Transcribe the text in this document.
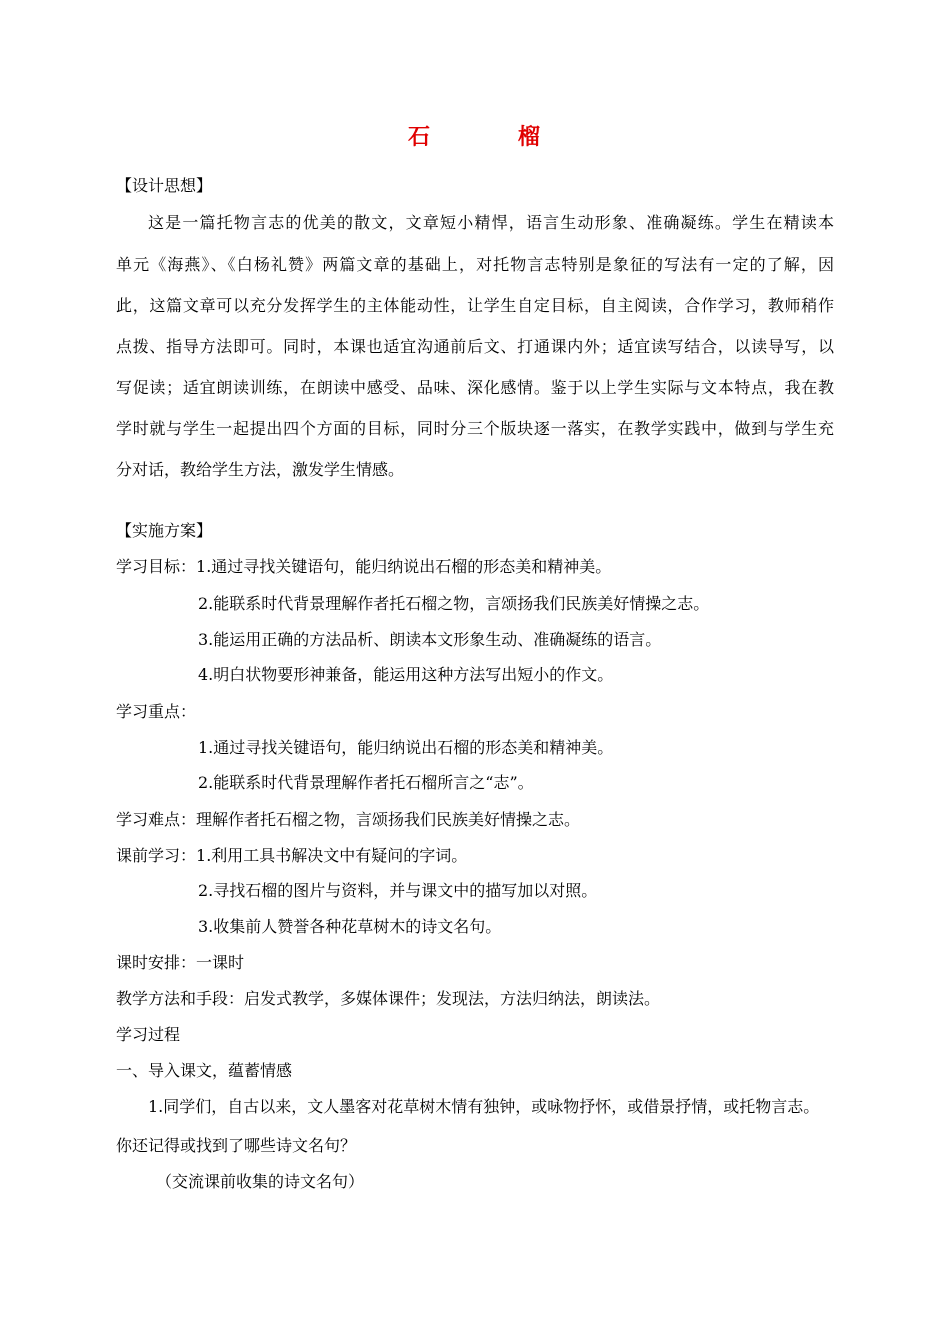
石	榴
【设计思想】
这是一篇托物言志的优美的散文，文章短小精悍，语言生动形象、准确凝练。学生在精读本
单元《海燕》、《白杨礼赞》两篇文章的基础上，对托物言志特别是象征的写法有一定的了解，因
此，这篇文章可以充分发挥学生的主体能动性，让学生自定目标，自主阅读，合作学习，教师稍作
点拨、指导方法即可。同时，本课也适宜沟通前后文、打通课内外；适宜读写结合，以读导写，以
写促读；适宜朗读训练，在朗读中感受、品味、深化感情。鉴于以上学生实际与文本特点，我在教
学时就与学生一起提出四个方面的目标，同时分三个版块逐一落实，在教学实践中，做到与学生充
分对话，教给学生方法，激发学生情感。
【实施方案】
学习目标：1.通过寻找关键语句，能归纳说出石榴的形态美和精神美。
2.能联系时代背景理解作者托石榴之物，言颂扬我们民族美好情操之志。
3.能运用正确的方法品析、朗读本文形象生动、准确凝练的语言。
4.明白状物要形神兼备，能运用这种方法写出短小的作文。
学习重点：
1.通过寻找关键语句，能归纳说出石榴的形态美和精神美。
2.能联系时代背景理解作者托石榴所言之“志”。
学习难点：理解作者托石榴之物，言颂扬我们民族美好情操之志。
课前学习：1.利用工具书解决文中有疑问的字词。
2.寻找石榴的图片与资料，并与课文中的描写加以对照。
3.收集前人赞誉各种花草树木的诗文名句。
课时安排：一课时
教学方法和手段：启发式教学，多媒体课件；发现法，方法归纳法，朗读法。
学习过程
一、导入课文，蕴蓄情感
1.同学们，自古以来，文人墨客对花草树木情有独钟，或咏物抒怀，或借景抒情，或托物言志。
你还记得或找到了哪些诗文名句？
（交流课前收集的诗文名句）
